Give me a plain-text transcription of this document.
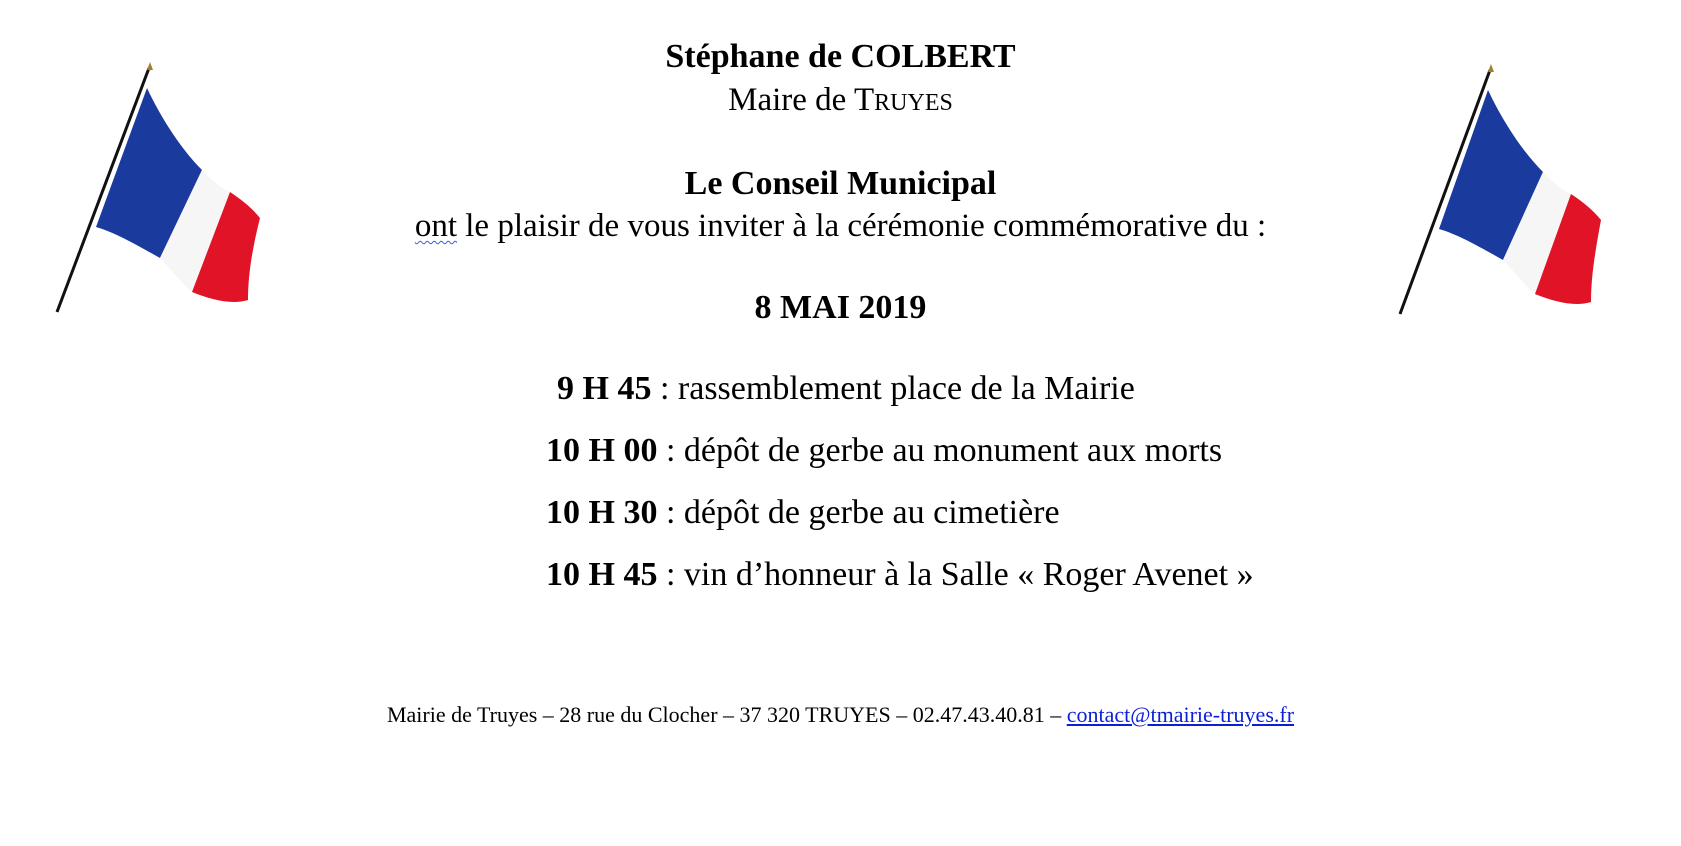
Stéphane de COLBERT
Maire de TRUYES
Le Conseil Municipal
ont le plaisir de vous inviter à la cérémonie commémorative du :
8 MAI 2019
9 H 45 : rassemblement place de la Mairie
10 H 00 : dépôt de gerbe au monument aux morts
10 H 30 : dépôt de gerbe au cimetière
10 H 45 : vin d’honneur à la Salle « Roger Avenet »
Mairie de Truyes – 28 rue du Clocher – 37 320 TRUYES – 02.47.43.40.81 – contact@tmairie-truyes.fr
